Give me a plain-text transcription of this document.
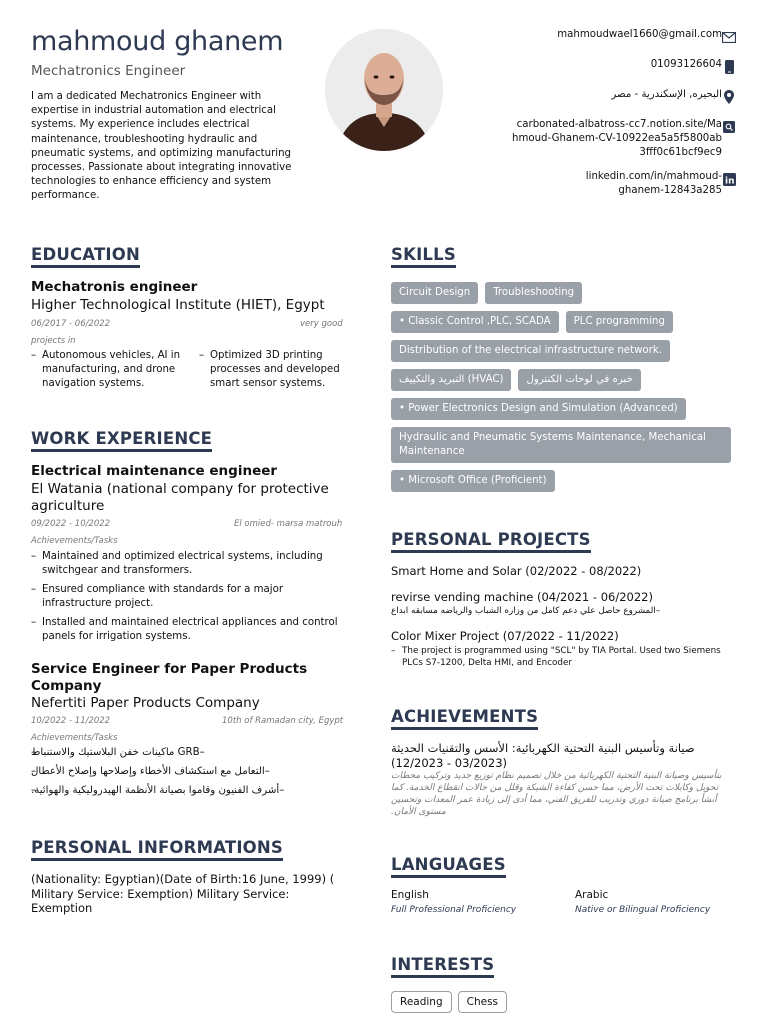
mahmoud ghanem
Mechatronics Engineer
I am a dedicated Mechatronics Engineer with expertise in industrial automation and electrical systems. My experience includes electrical maintenance, troubleshooting hydraulic and pneumatic systems, and optimizing manufacturing processes. Passionate about integrating innovative technologies to enhance efficiency and system performance.
mahmoudwael1660@gmail.com
01093126604
البحيره, الإسكندرية - مصر
carbonated-albatross-cc7.notion.site/Mahmoud-Ghanem-CV-10922ea5a5f5800ab3fff0c61bcf9ec9
linkedin.com/in/mahmoud-ghanem-12843a285
in
EDUCATION
Mechatronis engineer
Higher Technological Institute (HIET), Egypt
06/2017 - 06/2022	very good
projects in
– Autonomous vehicles, AI in manufacturing, and drone navigation systems.
– Optimized 3D printing processes and developed smart sensor systems.
WORK EXPERIENCE
Electrical maintenance engineer
El Watania (national company for protective agriculture
09/2022 - 10/2022	El omied- marsa matrouh
Achievements/Tasks
– Maintained and optimized electrical systems, including switchgear and transformers.
– Ensured compliance with standards for a major infrastructure project.
– Installed and maintained electrical appliances and control panels for irrigation systems.
Service Engineer for Paper Products Company
Nefertiti Paper Products Company
10/2022 - 11/2022	10th of Ramadan city, Egypt
Achievements/Tasks
– –GRB ماكينات خفن البلاستيك والاستنباط
– –التعامل مع استكشاف الأخطاء وإصلاحها وإصلاح الأعطال
– –أشرف الفنيون وقاموا بصيانة الأنظمة الهيدروليكية والهوائية.
PERSONAL INFORMATIONS
(Nationality: Egyptian)(Date of Birth:16 June, 1999) ( Military Service: Exemption) Military Service: Exemption
SKILLS
Circuit Design	Troubleshooting
• Classic Control ,PLC, SCADA	PLC programming
Distribution of the electrical infrastructure network.
التبريد والتكييف (HVAC)	خبره في لوحات الكنترول
• Power Electronics Design and Simulation (Advanced)
Hydraulic and Pneumatic Systems Maintenance, Mechanical Maintenance
• Microsoft Office (Proficient)
PERSONAL PROJECTS
Smart Home and Solar (02/2022 - 08/2022)
revirse vending machine (04/2021 - 06/2022)
–المشروع حاصل علي دعم كامل من وزاره الشباب والرياضه مسابقه ابداع
Color Mixer Project (07/2022 - 11/2022)
– The project is programmed using "SCL" by TIA Portal. Used two Siemens PLCs S7-1200, Delta HMI, and Encoder
ACHIEVEMENTS
صيانة وتأسيس البنية التحتية الكهربائية: الأسس والتقنيات الحديثة (03/2023 - 12/2023)
بتأسيس وصيانة البنية التحتية الكهربائية من خلال تصميم نظام توزيع جديد وتركيب محطات تحويل وكابلات تحت الأرض، مما حسن كفاءة الشبكة وقلل من حالات انقطاع الخدمة. كما أنشأ برنامج صيانة دوري وتدريب للفريق الفني، مما أدى إلى زيادة عمر المعدات وتحسين مستوى الأمان.
LANGUAGES
English
Full Professional Proficiency
Arabic
Native or Bilingual Proficiency
INTERESTS
Reading	Chess
